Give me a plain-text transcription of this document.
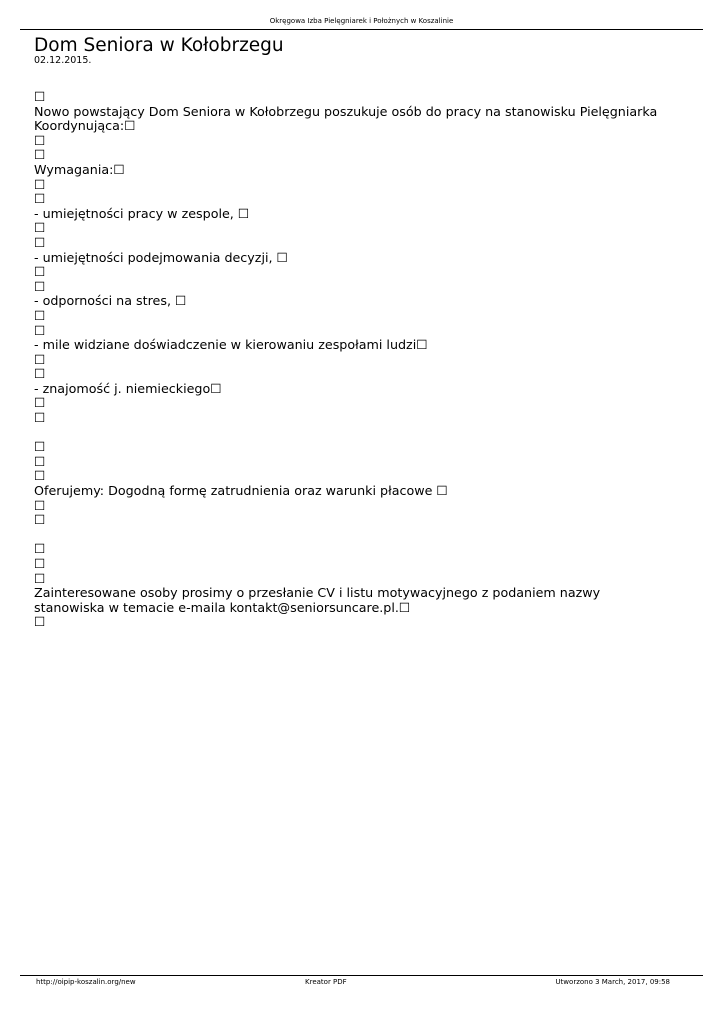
Okręgowa Izba Pielęgniarek i Położnych w Koszalinie
Dom Seniora w Kołobrzegu
02.12.2015.
☐
Nowo powstający Dom Seniora w Kołobrzegu poszukuje osób do pracy na stanowisku Pielęgniarka Koordynująca:☐
☐
☐
Wymagania:☐
☐
☐
- umiejętności pracy w zespole, ☐
☐
☐
- umiejętności podejmowania decyzji, ☐
☐
☐
- odporności na stres, ☐
☐
☐
- mile widziane doświadczenie w kierowaniu zespołami ludzi☐
☐
☐
- znajomość j. niemieckiego☐
☐
☐
☐
☐
☐
Oferujemy: Dogodną formę zatrudnienia oraz warunki płacowe ☐
☐
☐
☐
☐
☐
Zainteresowane osoby prosimy o przesłanie CV i listu motywacyjnego z podaniem nazwy stanowiska w temacie e-maila kontakt@seniorsuncare.pl.☐
☐
http://oipip-koszalin.org/new	Kreator PDF	Utworzono 3 March, 2017, 09:58
